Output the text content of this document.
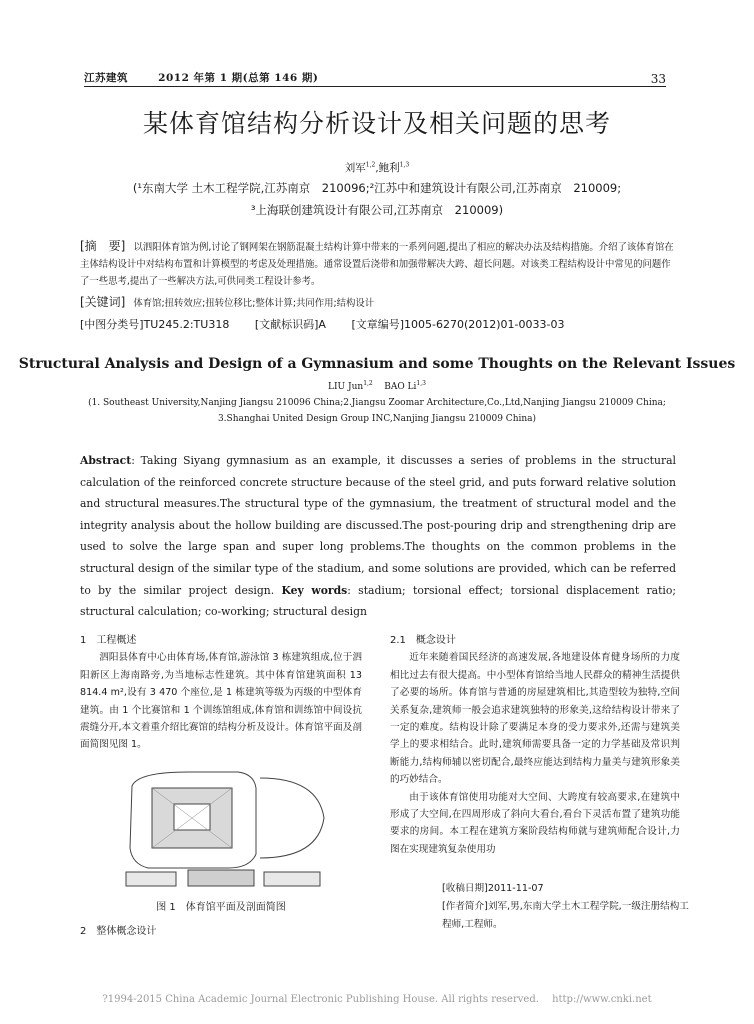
江苏建筑	2012 年第 1 期(总第 146 期)	33
某体育馆结构分析设计及相关问题的思考
刘军$^{1,2}$,鲍利$^{1,3}$
(¹东南大学 土木工程学院,江苏南京　210096;²江苏中和建筑设计有限公司,江苏南京　210009;
³上海联创建筑设计有限公司,江苏南京　210009)
[摘　要] 以泗阳体育馆为例,讨论了钢网架在钢筋混凝土结构计算中带来的一系列问题,提出了相应的解决办法及结构措施。介绍了该体育馆在主体结构设计中对结构布置和计算模型的考虑及处理措施。通常设置后浇带和加强带解决大跨、超长问题。对该类工程结构设计中常见的问题作了一些思考,提出了一些解决方法,可供同类工程设计参考。
[关键词] 体育馆;扭转效应;扭转位移比;整体计算;共同作用;结构设计
[中图分类号]TU245.2:TU318 [文献标识码]A [文章编号]1005-6270(2012)01-0033-03
Structural Analysis and Design of a Gymnasium and some Thoughts on the Relevant Issues
LIU Jun$^{1,2}$ BAO Li$^{1,3}$
(1. Southeast University,Nanjing Jiangsu 210096 China;2.Jiangsu Zoomar Architecture,Co.,Ltd,Nanjing Jiangsu 210009 China;
3.Shanghai United Design Group INC,Nanjing Jiangsu 210009 China)
Abstract: Taking Siyang gymnasium as an example, it discusses a series of problems in the structural calculation of the reinforced concrete structure because of the steel grid, and puts forward relative solution and structural measures.The structural type of the gymnasium, the treatment of structural model and the integrity analysis about the hollow building are discussed.The post-pouring drip and strengthening drip are used to solve the large span and super long problems.The thoughts on the common problems in the structural design of the similar type of the stadium, and some solutions are provided, which can be referred to by the similar project design. Key words: stadium; torsional effect; torsional displacement ratio; structural calculation; co-working; structural design
1　工程概述
泗阳县体育中心由体育场,体育馆,游泳馆 3 栋建筑组成,位于泗阳新区上海南路旁,为当地标志性建筑。其中体育馆建筑面积 13 814.4 m²,设有 3 470 个座位,是 1 栋建筑等级为丙级的中型体育建筑。由 1 个比赛馆和 1 个训练馆组成,体育馆和训练馆中间设抗震缝分开,本文着重介绍比赛馆的结构分析及设计。体育馆平面及剖面简图见图 1。
图 1　体育馆平面及剖面简图
2　整体概念设计
2.1　概念设计
近年来随着国民经济的高速发展,各地建设体育健身场所的力度相比过去有很大提高。中小型体育馆给当地人民群众的精神生活提供了必要的场所。体育馆与普通的房屋建筑相比,其造型较为独特,空间关系复杂,建筑师一般会追求建筑独特的形象美,这给结构设计带来了一定的难度。结构设计除了要满足本身的受力要求外,还需与建筑美学上的要求相结合。此时,建筑师需要具备一定的力学基础及常识判断能力,结构师辅以密切配合,最终应能达到结构力量美与建筑形象美的巧妙结合。
由于该体育馆使用功能对大空间、大跨度有较高要求,在建筑中形成了大空间,在四周形成了斜向大看台,看台下灵活布置了建筑功能要求的房间。本工程在建筑方案阶段结构师就与建筑师配合设计,力图在实现建筑复杂使用功
[收稿日期]2011-11-07
[作者简介]刘军,男,东南大学土木工程学院,一级注册结构工程师,工程师。
?1994-2015 China Academic Journal Electronic Publishing House. All rights reserved.　 http://www.cnki.net
